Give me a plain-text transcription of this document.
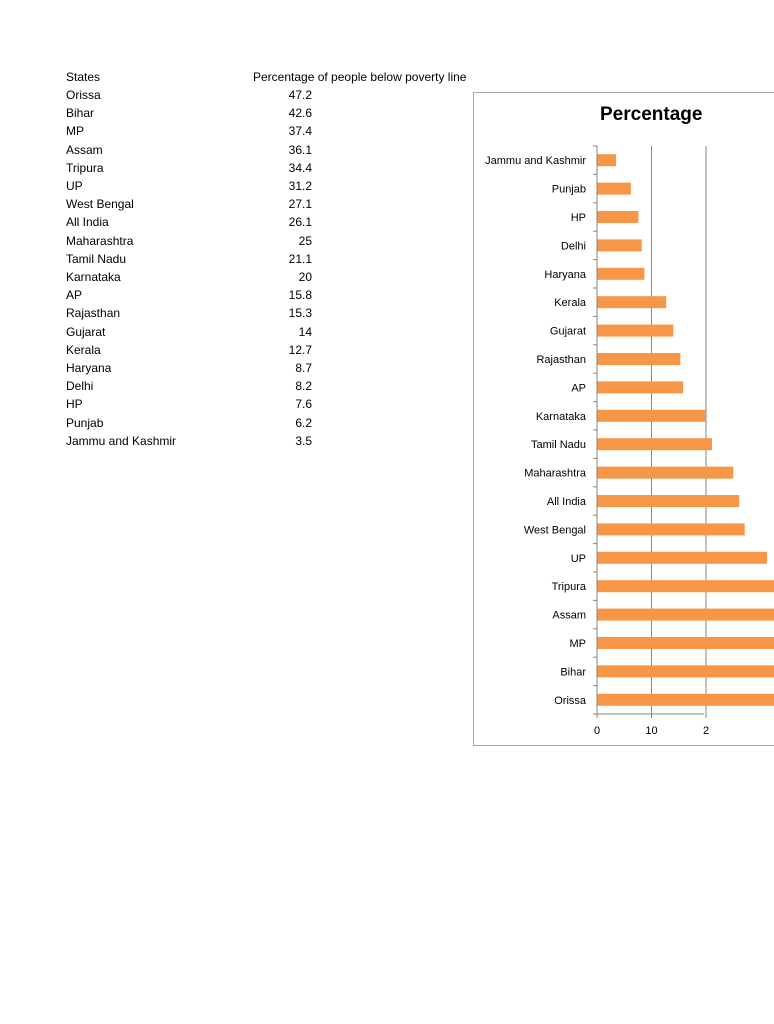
States	Percentage of people below poverty line
Orissa	47.2
Bihar	42.6
MP	37.4
Assam	36.1
Tripura	34.4
UP	31.2
West Bengal	27.1
All India	26.1
Maharashtra	25
Tamil Nadu	21.1
Karnataka	20
AP	15.8
Rajasthan	15.3
Gujarat	14
Kerala	12.7
Haryana	8.7
Delhi	8.2
HP	7.6
Punjab	6.2
Jammu and Kashmir	3.5
Percentage
Jammu and Kashmir
Punjab
HP
Delhi
Haryana
Kerala
Gujarat
Rajasthan
AP
Karnataka
Tamil Nadu
Maharashtra
All India
West Bengal
UP
Tripura
Assam
MP
Bihar
Orissa
0	10	2
